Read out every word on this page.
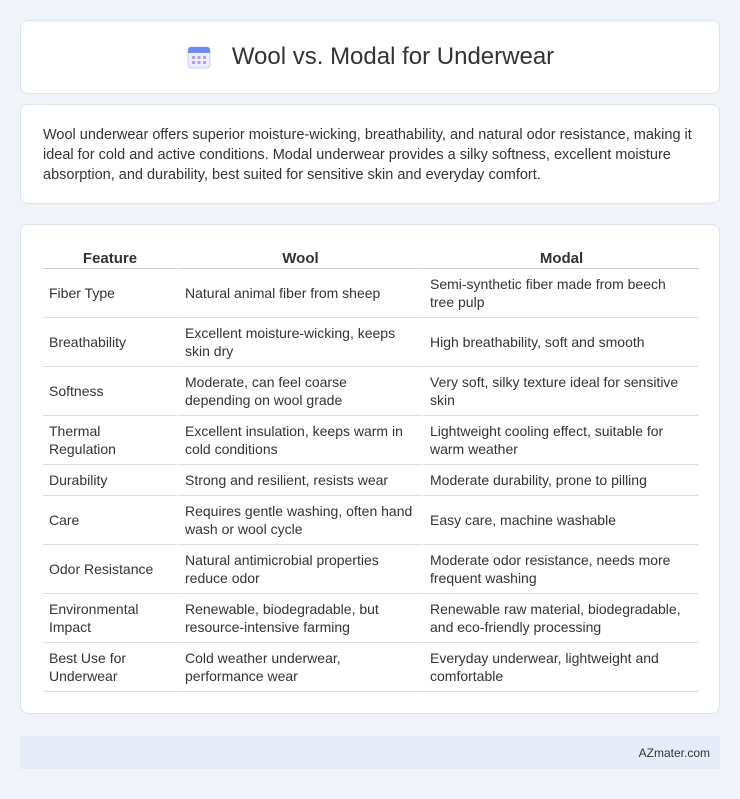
Wool vs. Modal for Underwear

Wool underwear offers superior moisture-wicking, breathability, and natural odor resistance, making it ideal for cold and active conditions. Modal underwear provides a silky softness, excellent moisture absorption, and durability, best suited for sensitive skin and everyday comfort.

Feature	Wool	Modal
Fiber Type	Natural animal fiber from sheep	Semi-synthetic fiber made from beech tree pulp
Breathability	Excellent moisture-wicking, keeps skin dry	High breathability, soft and smooth
Softness	Moderate, can feel coarse depending on wool grade	Very soft, silky texture ideal for sensitive skin
Thermal Regulation	Excellent insulation, keeps warm in cold conditions	Lightweight cooling effect, suitable for warm weather
Durability	Strong and resilient, resists wear	Moderate durability, prone to pilling
Care	Requires gentle washing, often hand wash or wool cycle	Easy care, machine washable
Odor Resistance	Natural antimicrobial properties reduce odor	Moderate odor resistance, needs more frequent washing
Environmental Impact	Renewable, biodegradable, but resource-intensive farming	Renewable raw material, biodegradable, and eco-friendly processing
Best Use for Underwear	Cold weather underwear, performance wear	Everyday underwear, lightweight and comfortable
AZmater.com
